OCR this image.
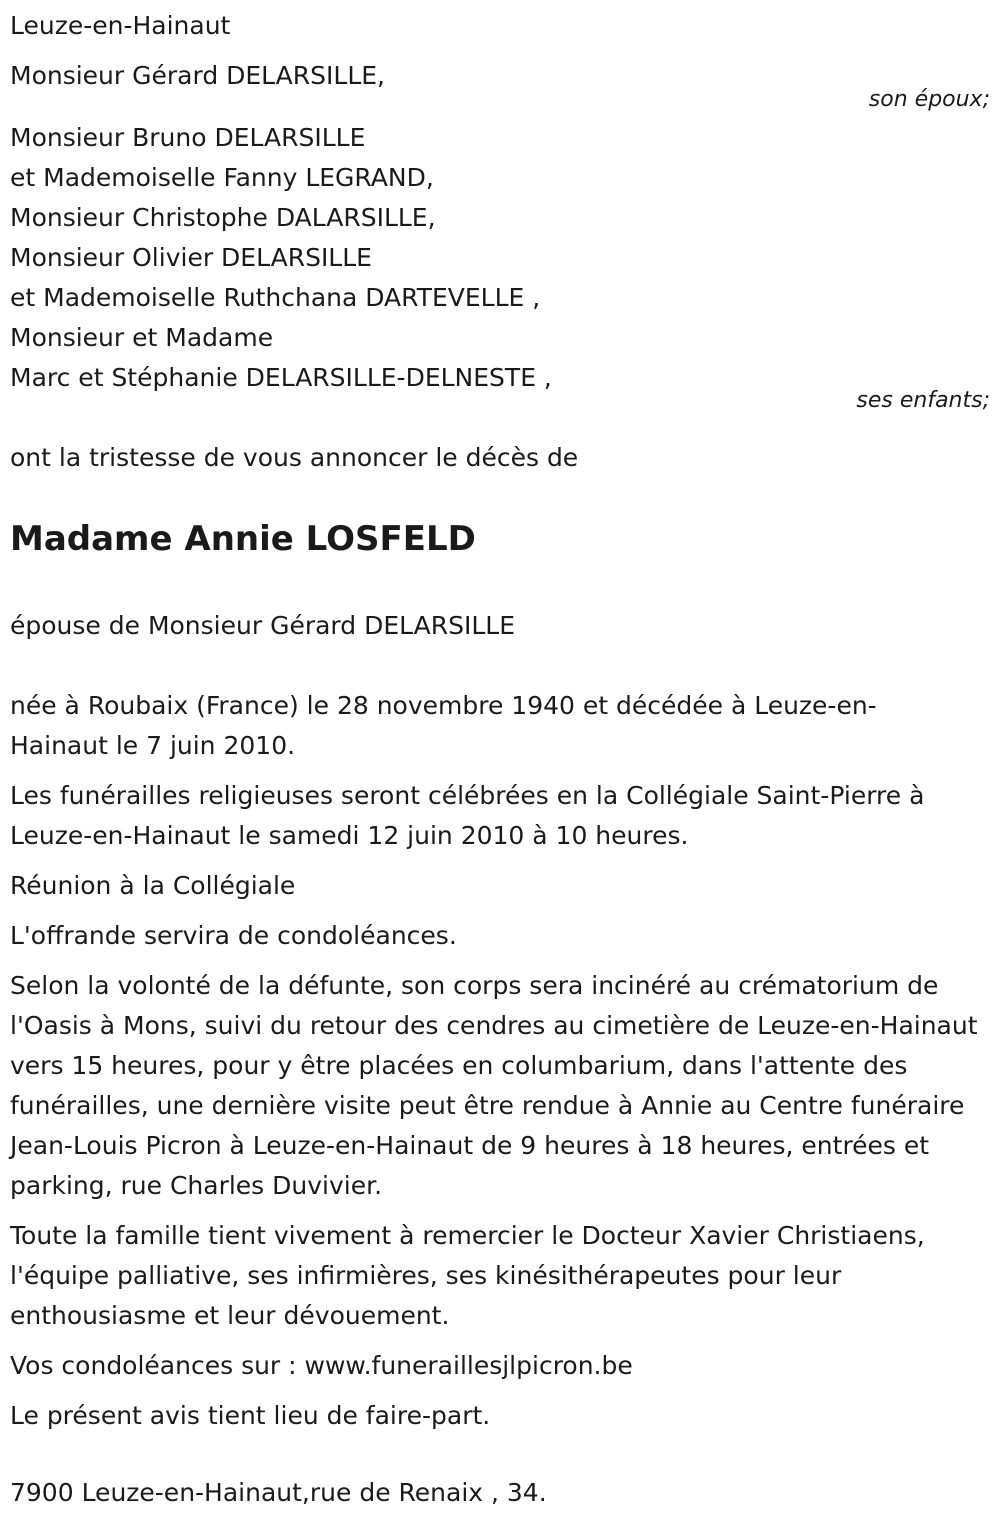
Leuze-en-Hainaut
Monsieur Gérard DELARSILLE,
son époux;
Monsieur Bruno DELARSILLE
et Mademoiselle Fanny LEGRAND,
Monsieur Christophe DALARSILLE,
Monsieur Olivier DELARSILLE
et Mademoiselle Ruthchana DARTEVELLE ,
Monsieur et Madame
Marc et Stéphanie DELARSILLE-DELNESTE ,
ses enfants;
ont la tristesse de vous annoncer le décès de
Madame Annie LOSFELD
épouse de Monsieur Gérard DELARSILLE

née à Roubaix (France) le 28 novembre 1940 et décédée à Leuze-en-Hainaut le 7 juin 2010.

Les funérailles religieuses seront célébrées en la Collégiale Saint-Pierre à Leuze-en-Hainaut le samedi 12 juin 2010 à 10 heures.

Réunion à la Collégiale

L'offrande servira de condoléances.

Selon la volonté de la défunte, son corps sera incinéré au crématorium de l'Oasis à Mons, suivi du retour des cendres au cimetière de Leuze-en-Hainaut vers 15 heures, pour y être placées en columbarium, dans l'attente des funérailles, une dernière visite peut être rendue à Annie au Centre funéraire Jean-Louis Picron à Leuze-en-Hainaut de 9 heures à 18 heures, entrées et parking, rue Charles Duvivier.

Toute la famille tient vivement à remercier le Docteur Xavier Christiaens, l'équipe palliative, ses infirmières, ses kinésithérapeutes pour leur enthousiasme et leur dévouement.

Vos condoléances sur : www.funeraillesjlpicron.be

Le présent avis tient lieu de faire-part.

7900 Leuze-en-Hainaut,rue de Renaix , 34.
